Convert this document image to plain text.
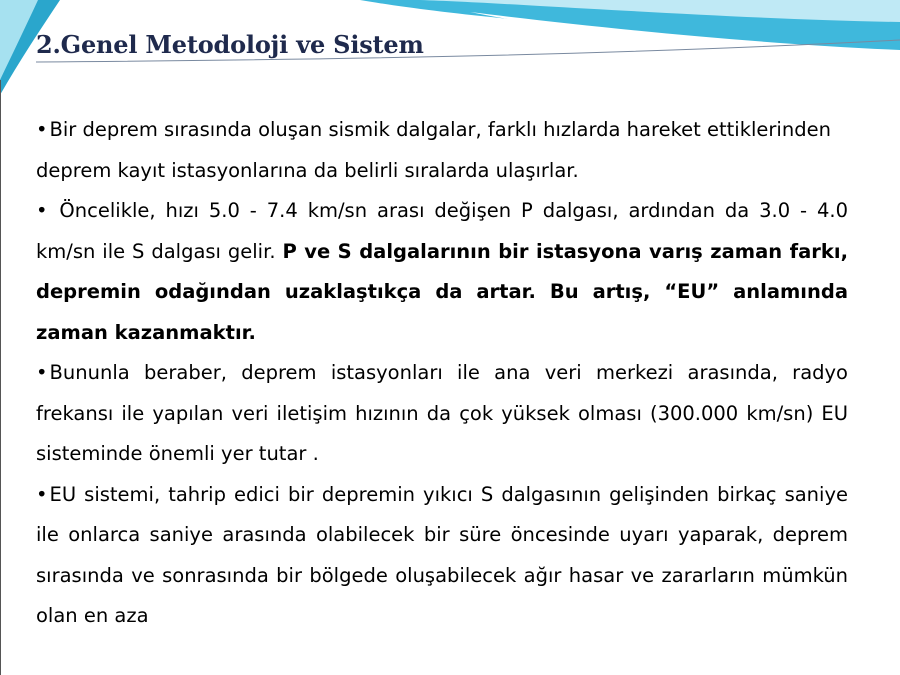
2.Genel Metodoloji ve Sistem

• Bir deprem sırasında oluşan sismik dalgalar, farklı hızlarda hareket ettiklerinden

deprem kayıt istasyonlarına da belirli sıralarda ulaşırlar.

• Öncelikle, hızı 5.0 - 7.4 km/sn arası değişen P dalgası, ardından da 3.0 - 4.0 km/sn ile S dalgası gelir. P ve S dalgalarının bir istasyona varış zaman farkı, depremin odağından uzaklaştıkça da artar. Bu artış, “EU” anlamında zaman kazanmaktır.

• Bununla beraber, deprem istasyonları ile ana veri merkezi arasında, radyo frekansı ile yapılan veri iletişim hızının da çok yüksek olması (300.000 km/sn) EU sisteminde önemli yer tutar .

• EU sistemi, tahrip edici bir depremin yıkıcı S dalgasının gelişinden birkaç saniye ile onlarca saniye arasında olabilecek bir süre öncesinde uyarı yaparak, deprem sırasında ve sonrasında bir bölgede oluşabilecek ağır hasar ve zararların mümkün olan en aza
